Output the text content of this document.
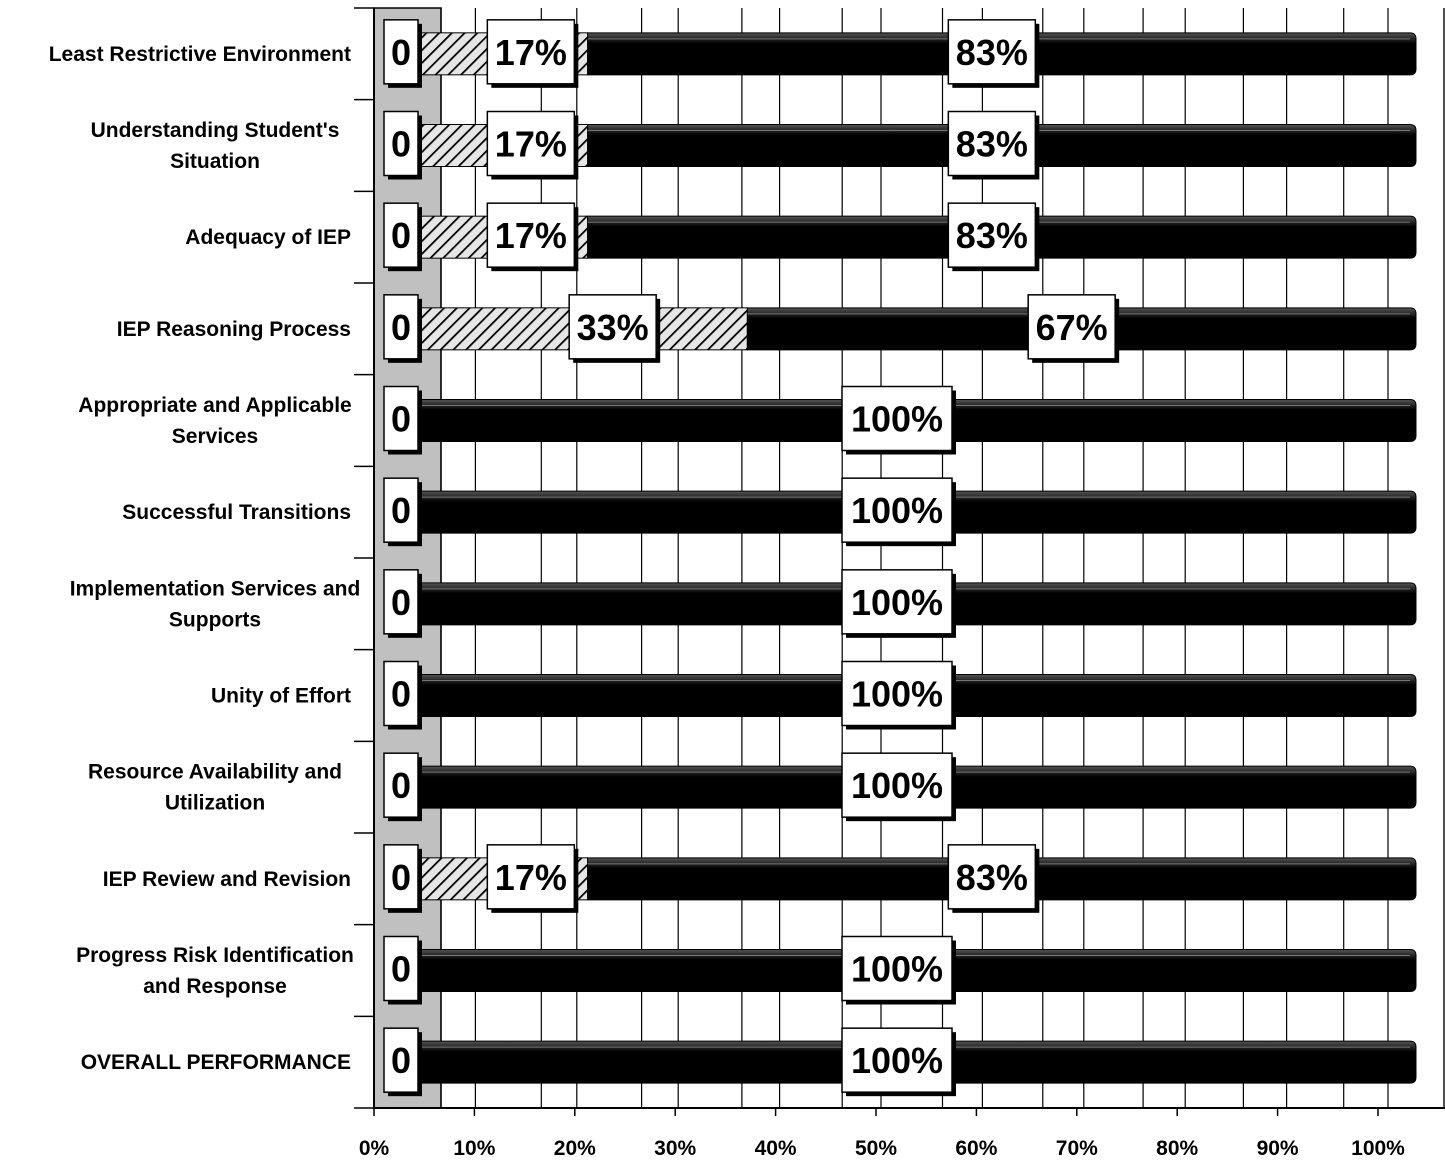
0 17%	83%
0 17%	83%
0 17%	83%
0	33%	67%
0	100%
0	100%
0	100%
0	100%
0	100%
0 17%	83%
0	100%
0	100%
Least Restrictive Environment
Understanding Student's
Situation
Adequacy of IEP
IEP Reasoning Process
Appropriate and Applicable
Services
Successful Transitions
Implementation Services and
Supports
Unity of Effort
Resource Availability and
Utilization
IEP Review and Revision
Progress Risk Identification
and Response
OVERALL PERFORMANCE
0%	10%	20%	30%	40%	50%	60%	70%	80%	90%	100%
